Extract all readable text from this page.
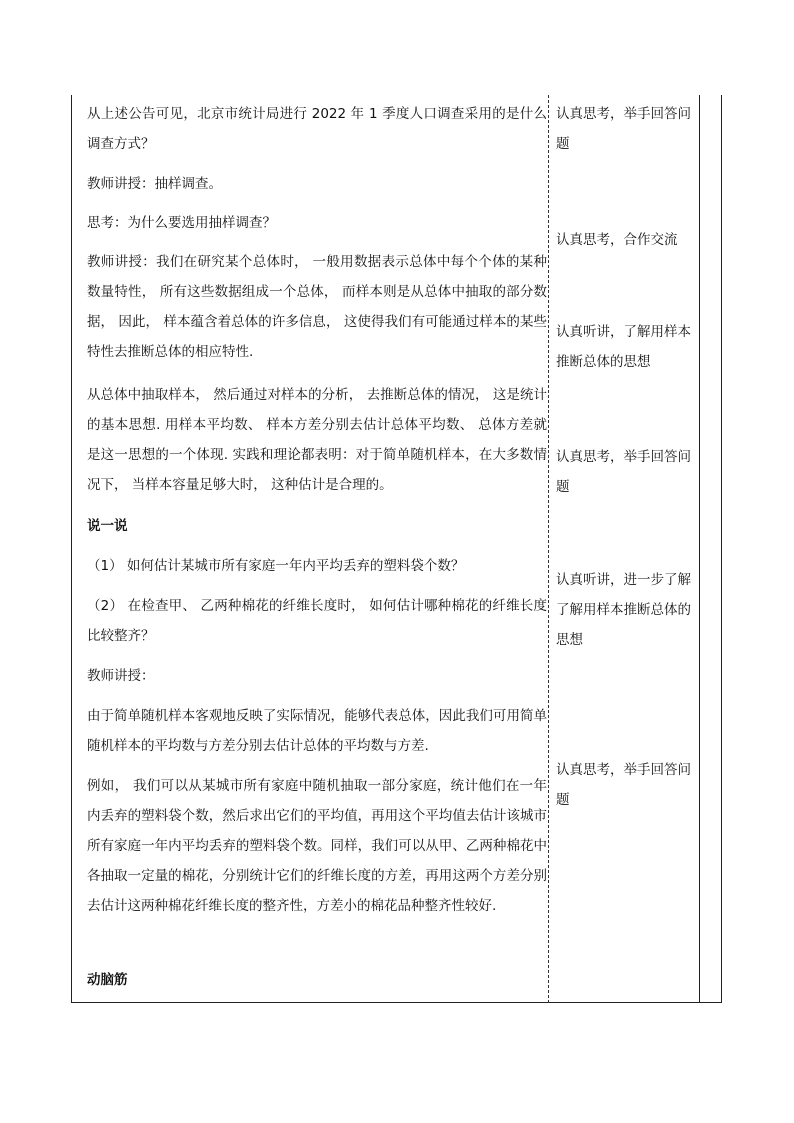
从上述公告可见，北京市统计局进行 2022 年 1 季度人口调查采用的是什么调查方式？

教师讲授：抽样调查。

思考：为什么要选用抽样调查？

教师讲授：我们在研究某个总体时， 一般用数据表示总体中每个个体的某种数量特性， 所有这些数据组成一个总体， 而样本则是从总体中抽取的部分数据， 因此， 样本蕴含着总体的许多信息， 这使得我们有可能通过样本的某些特性去推断总体的相应特性.

从总体中抽取样本， 然后通过对样本的分析， 去推断总体的情况， 这是统计的基本思想. 用样本平均数、 样本方差分别去估计总体平均数、 总体方差就是这一思想的一个体现. 实践和理论都表明：对于简单随机样本，在大多数情况下， 当样本容量足够大时， 这种估计是合理的。

说一说

（1） 如何估计某城市所有家庭一年内平均丢弃的塑料袋个数？

（2） 在检查甲、 乙两种棉花的纤维长度时， 如何估计哪种棉花的纤维长度比较整齐？

教师讲授：

由于简单随机样本客观地反映了实际情况，能够代表总体，因此我们可用简单随机样本的平均数与方差分别去估计总体的平均数与方差.

例如， 我们可以从某城市所有家庭中随机抽取一部分家庭，统计他们在一年内丢弃的塑料袋个数，然后求出它们的平均值，再用这个平均值去估计该城市所有家庭一年内平均丢弃的塑料袋个数。同样，我们可以从甲、乙两种棉花中各抽取一定量的棉花，分别统计它们的纤维长度的方差，再用这两个方差分别去估计这两种棉花纤维长度的整齐性，方差小的棉花品种整齐性较好.

动脑筋

认真思考，举手回答问题

认真思考，合作交流

认真听讲，了解用样本推断总体的思想

认真思考，举手回答问题

认真听讲，进一步了解了解用样本推断总体的思想

认真思考，举手回答问题
